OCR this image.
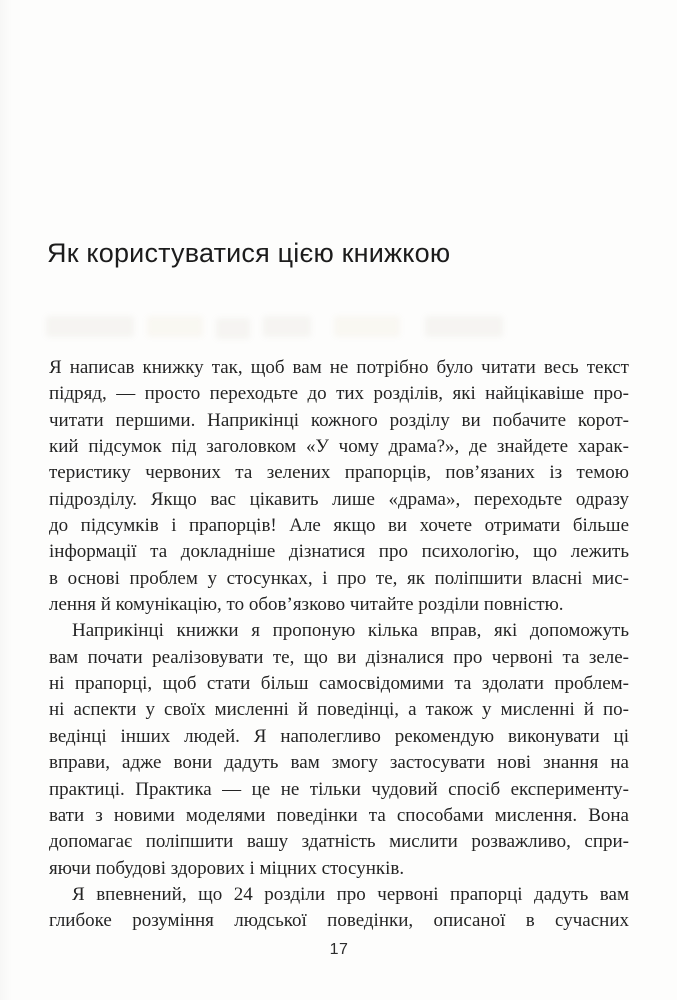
Як користуватися цією книжкою
Я написав книжку так, щоб вам не потрібно було читати весь текст
підряд, — просто переходьте до тих розділів, які найцікавіше про-
читати першими. Наприкінці кожного розділу ви побачите корот-
кий підсумок під заголовком «У чому драма?», де знайдете харак-
теристику червоних та зелених прапорців, пов’язаних із темою
підрозділу. Якщо вас цікавить лише «драма», переходьте одразу
до підсумків і прапорців! Але якщо ви хочете отримати більше
інформації та докладніше дізнатися про психологію, що лежить
в основі проблем у стосунках, і про те, як поліпшити власні мис-
лення й комунікацію, то обов’язково читайте розділи повністю.
Наприкінці книжки я пропоную кілька вправ, які допоможуть
вам почати реалізовувати те, що ви дізналися про червоні та зеле-
ні прапорці, щоб стати більш самосвідомими та здолати проблем-
ні аспекти у своїх мисленні й поведінці, а також у мисленні й по-
ведінці інших людей. Я наполегливо рекомендую виконувати ці
вправи, адже вони дадуть вам змогу застосувати нові знання на
практиці. Практика — це не тільки чудовий спосіб експерименту-
вати з новими моделями поведінки та способами мислення. Вона
допомагає поліпшити вашу здатність мислити розважливо, спри-
яючи побудові здорових і міцних стосунків.
Я впевнений, що 24 розділи про червоні прапорці дадуть вам
глибоке розуміння людської поведінки, описаної в сучасних
17
